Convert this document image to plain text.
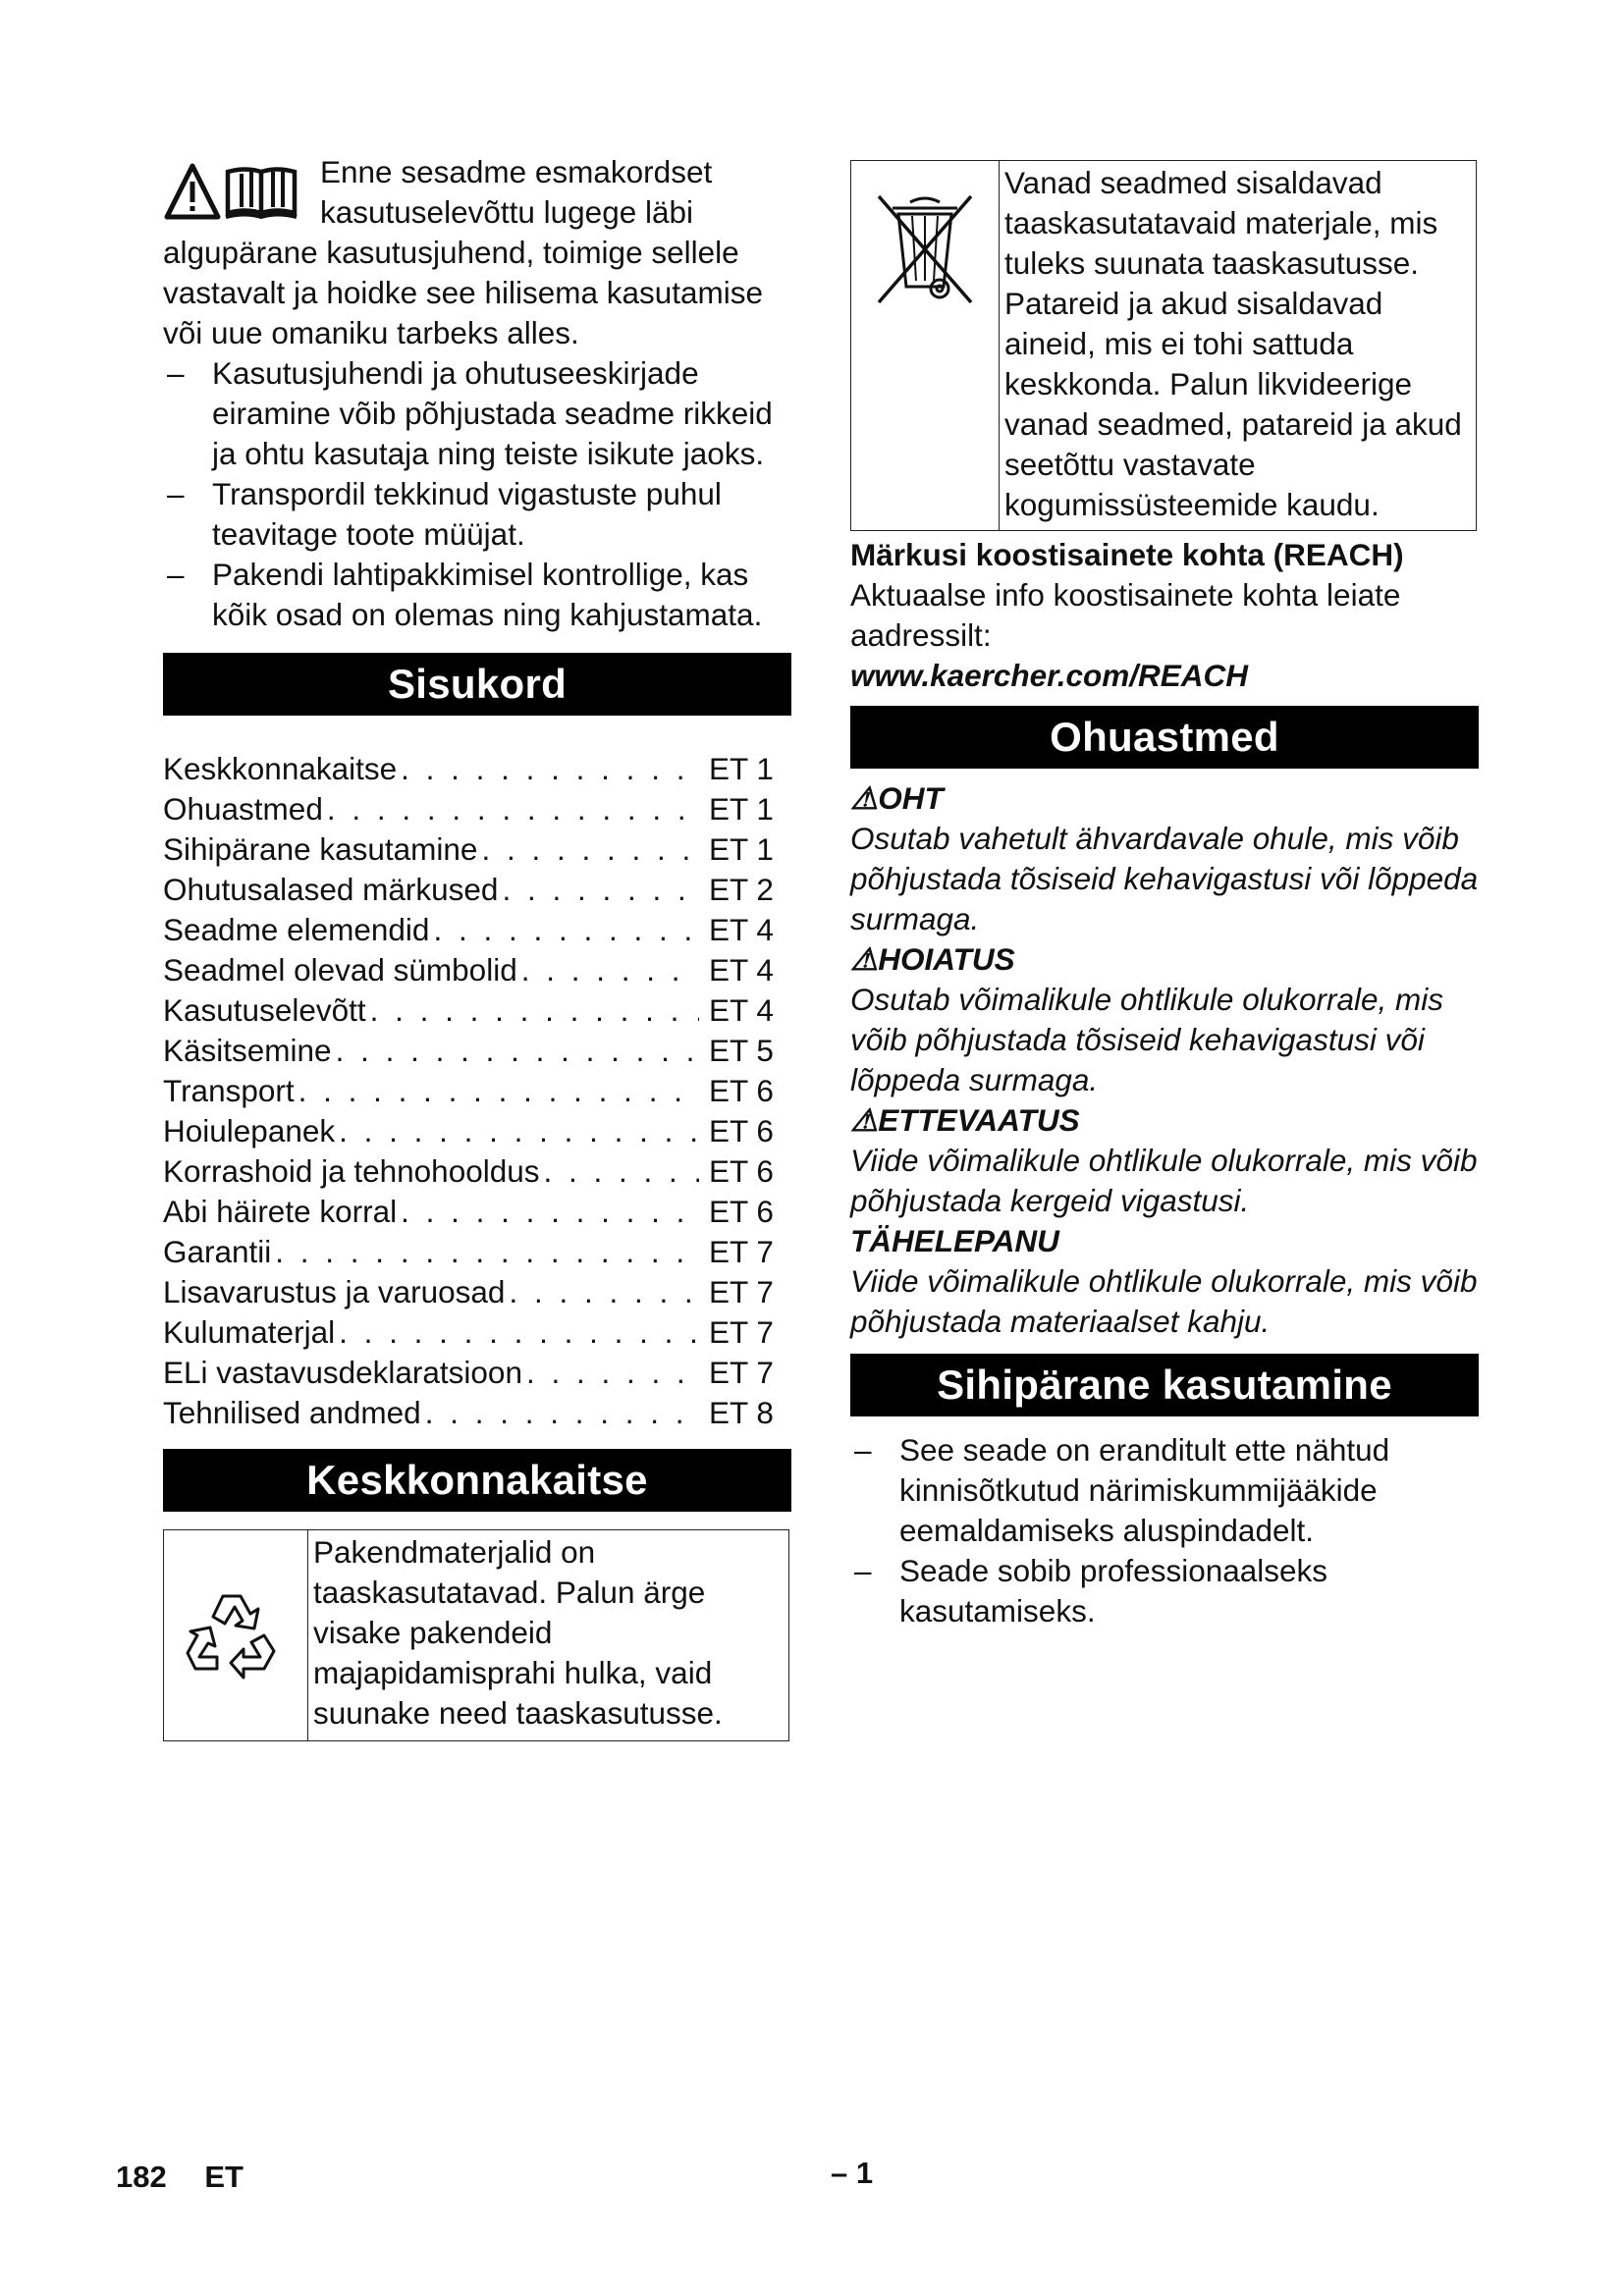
Enne sesadme esmakordset kasutuselevõttu lugege läbi algupärane kasutusjuhend, toimige sellele vastavalt ja hoidke see hilisema kasutamise või uue omaniku tarbeks alles.
– Kasutusjuhendi ja ohutuseeskirjade eiramine võib põhjustada seadme rikkeid ja ohtu kasutaja ning teiste isikute jaoks.
– Transpordil tekkinud vigastuste puhul teavitage toote müüjat.
– Pakendi lahtipakkimisel kontrollige, kas kõik osad on olemas ning kahjustamata.
Sisukord
Keskkonnakaitse . . .	ET 1
Ohuastmed . . .	ET 1
Sihipärane kasutamine . . .	ET 1
Ohutusalased märkused . . .	ET 2
Seadme elemendid . . .	ET 4
Seadmel olevad sümbolid . . .	ET 4
Kasutuselevõtt . . .	ET 4
Käsitsemine . . .	ET 5
Transport . . .	ET 6
Hoiulepanek . . .	ET 6
Korrashoid ja tehnohooldus . . .	ET 6
Abi häirete korral . . .	ET 6
Garantii . . .	ET 7
Lisavarustus ja varuosad . . .	ET 7
Kulumaterjal . . .	ET 7
ELi vastavusdeklaratsioon . . .	ET 7
Tehnilised andmed . . .	ET 8
Keskkonnakaitse
Pakendmaterjalid on taaskasutatavad. Palun ärge visake pakendeid majapidamisprahi hulka, vaid suunake need taaskasutusse.
Vanad seadmed sisaldavad taaskasutatavaid materjale, mis tuleks suunata taaskasutusse. Patareid ja akud sisaldavad aineid, mis ei tohi sattuda keskkonda. Palun likvideerige vanad seadmed, patareid ja akud seetõttu vastavate kogumissüsteemide kaudu.
Märkusi koostisainete kohta (REACH)
Aktuaalse info koostisainete kohta leiate aadressilt:
www.kaercher.com/REACH
Ohuastmed
⚠OHT
Osutab vahetult ähvardavale ohule, mis võib põhjustada tõsiseid kehavigastusi või lõppeda surmaga.
⚠HOIATUS
Osutab võimalikule ohtlikule olukorrale, mis võib põhjustada tõsiseid kehavigastusi või lõppeda surmaga.
⚠ETTEVAATUS
Viide võimalikule ohtlikule olukorrale, mis võib põhjustada kergeid vigastusi.
TÄHELEPANU
Viide võimalikule ohtlikule olukorrale, mis võib põhjustada materiaalset kahju.
Sihipärane kasutamine
– See seade on eranditult ette nähtud kinnisõtkutud närimiskummijääkide eemaldamiseks aluspindadelt.
– Seade sobib professionaalseks kasutamiseks.
182 ET	– 1
